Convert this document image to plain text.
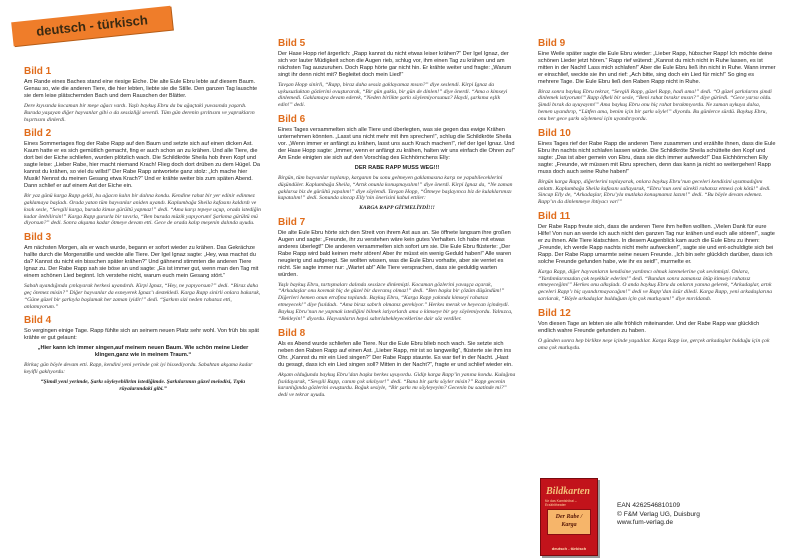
deutsch - türkisch
Bild 1

Am Rande eines Baches stand eine riesige Eiche. Die alte Eule Ebru lebte auf diesem Baum. Genau so, wie die anderen Tiere, die hier lebten, liebte sie die Stille. Den ganzen Tag lauschte sie dem leise plätschernden Bach und dem Rauschen der Blätter.

Dere kıyısında kocaman bir meşe ağacı vardı. Yaşlı baykuş Ebru da bu ağaçtaki yuvasında yaşardı. Burada yaşayan diğer hayvanlar gibi o da sessizliği severdi. Tüm gün derenin şırıltısını ve yaprakların hışırtısını dinlerdi.

Bild 2

Eines Sommertages flog der Rabe Rapp auf den Baum und setzte sich auf einen dicken Ast. Kaum hatte er es sich gemütlich gemacht, fing er auch schon an zu krähen. Und alle Tiere, die dort bei der Eiche schliefen, wurden plötzlich wach. Die Schildkröte Sheila hob ihren Kopf und sagte leise: „Lieber Rabe, hier macht niemand Krach! Flieg doch dort drüben zu dem Hügel. Da kannst du krähen, so viel du willst!“ Der Rabe Rapp antwortete ganz stolz: „Ich mache hier Musik! Nennst du meinen Gesang etwa Krach?“ Und er krähte weiter bis zum späten Abend. Dann schlief er auf einem Ast der Eiche ein.

Bir yaz günü karga Rapp geldi, bu ağacın kalın bir dalına kondu. Kendine rahat bir yer edinir edinmez gaklamaya başladı. Orada yatan tüm hayvanlar aniden uyandı. Kaplumbağa Sheila kafasını kaldırdı ve kısık sesle, “Sevgili karga, burada kimse gürültü yapmaz!” dedi. “Ama karşı tepeye uçup, orada istediğin kadar ötebilirsin!” Karga Rapp gururla bir tavırla, “Ben burada müzik yapıyorum! Şarkıma gürültü mü diyorsun?” dedi. Sonra akşama kadar ötmeye devam etti. Gece de orada kalıp meşenin dalında uyudu.

Bild 3

Am nächsten Morgen, als er wach wurde, begann er sofort wieder zu krähen. Das Gekrächze hallte durch die Morgenstille und weckte alle Tiere. Der Igel Ignaz sagte: „Hey, was machst du da? Kannst du nicht ein bisschen später krähen?“ Und gähnend stimmten die anderen Tiere Ignaz zu. Der Rabe Rapp sah sie böse an und sagte: „Es ist immer gut, wenn man den Tag mit einem schönen Lied beginnt. Ich verstehe nicht, warum euch mein Gesang stört.“

Sabah uyandığında çınlayarak herkesi uyandırdı. Kirpi Ignaz, “Hey, ne yapıyorsun?” dedi. “Biraz daha geç ötemez misin?” Diğer hayvanlar da esneyerek Ignaz’ı destekledi. Karga Rapp sinirli onlara bakarak, “Güne güzel bir şarkıyla başlamak her zaman iyidir!” dedi. “Şarkım sizi neden rahatsız etti, anlamıyorum.”

Bild 4

So vergingen einige Tage. Rapp fühlte sich an seinem neuen Platz sehr wohl. Von früh bis spät krähte er gut gelaunt:

„Hier kann ich immer singen,auf meinem neuen Baum. Wie schön meine Lieder klingen,ganz wie in meinem Traum.“

Birkaç gün böyle devam etti. Rapp, kendini yeni yerinde çok iyi hissediyordu. Sabahtan akşama kadar keyifli gaklıyordu:

“Şimdi yeni yerimde, Şarkı söyleyebilirim istediğimde. Şarkılarımın güzel melodisi, Tıpkı rüyalarımdaki gibi.”

Bild 5

Der Hase Hopp rief ärgerlich: „Rapp kannst du nicht etwas leiser krähen?“ Der Igel Ignaz, der sich vor lauter Müdigkeit schon die Augen rieb, schlug vor, ihm einen Tag zu krähen und am nächsten Tag auszuruhen. Doch Rapp hörte gar nicht hin. Er krähte weiter und fragte: „Warum singt ihr denn nicht mit? Begleitet doch mein Lied!“

Tavşan Hopp sinirli, “Rapp, biraz daha sessiz gaklayamaz mısın?” diye seslendi. Kirpi Ignaz da uykusuzluktan gözlerini ovuşturarak, “Bir gün gakla, bir gün de dinlen!” diye önerdi. “Ama o kimseyi dinlemedi. Gaklamaya devam ederek, “Neden birlikte şarkı söylemiyorsunuz? Haydi, şarkıma eşlik edin!” dedi.

Bild 6

Eines Tages versammelten sich alle Tiere und überlegten, was sie gegen das ewige Krähen unternehmen könnten. „Lasst uns nicht mehr mit ihm sprechen!“, schlug die Schildkröte Sheila vor. „Wenn immer er anfängt zu krähen, lasst uns auch Krach machen!“, rief der Igel Ignaz. Und der Hase Hopp sagte: „Immer, wenn er anfängt zu krähen, halten wir uns einfach die Ohren zu!“ Am Ende einigten sie sich auf den Vorschlag des Eichhörnchens Elly:

DER RABE RAPP MUSS WEG!!!

Birgün, tüm hayvanlar toplanıp, karganın bu sonu gelmeyen gaklamasına karşı ne yapabileceklerini düşündüler. Kaplumbağa Sheila, “Artık onunla konuşmayalım!” diye önerdi. Kirpi Ignaz da, “Ne zaman gaklarsa biz de gürültü yapalım!” diye söylendi. Tavşan Hopp, “Ötmeye başlayınca biz de kulaklarımızı kapatalım!” dedi. Sonunda sincap Elly’nin önerisini kabul ettiler:

KARGA RAPP GİTMELİYDİ!!!

Bild 7

Die alte Eule Ebru hörte sich den Streit von ihrem Ast aus an. Sie öffnete langsam ihre großen Augen und sagte: „Freunde, ihr zu verstehen wäre kein gutes Verhalten. Ich habe mit etwas anderes überlegt!“ Die anderen versammelten sich sofort um sie. Die Eule Ebru flüsterte: „Der Rabe Rapp wird bald keinen mehr stören! Aber ihr müsst ein wenig Geduld haben!“ Alle waren neugierig und aufgeregt. Sie wollten wissen, was die Eule Ebru vorhatte, aber sie verriet es nicht. Sie sagte immer nur: „Wartet ab!“ Alle Tiere versprachen, dass sie geduldig warten würden.

Yaşlı baykuş Ebru, tartışmaları dalında sessizce dinlemişti. Kocaman gözlerini yavaşça açarak, “Arkadaşlar onu kovmak hiç de güzel bir davranış olmaz!” dedi. “Ben başka bir çözüm düşündüm!” Diğerleri hemen onun etrafına toplandı. Baykuş Ebru, “Karga Rapp yakında kimseyi rahatsız etmeyecek!” diye fısıldadı. “Ama biraz sabırlı olmanız gerekiyor.” Herkes merak ve heyecan içindeydi. Baykuş Ebru’nun ne yapmak istediğini bilmek istiyorlardı ama o kimseye bir şey söylemiyordu. Yalnızca, “Bekleyin!” diyordu. Hayvanların hepsi sabırlabekleyeceklerine dair söz verdiler.

Bild 8

Als es Abend wurde schliefen alle Tiere. Nur die Eule Ebru blieb noch wach. Sie setzte sich neben den Raben Rapp auf einen Ast. „Lieber Rapp, mir ist so langweilig“, flüsterte sie ihm ins Ohr. „Kannst du mir ein Lied singen?“ Der Rabe Rapp staunte. Es war tief in der Nacht. „Hast du gesagt, dass ich ein Lied singen soll? Mitten in der Nacht?“, fragte er und schlief wieder ein.

Akşam olduğunda baykuş Ebru’dan başka herkes uyuyordu. Gidip karga Rapp’in yanına kondu. Kulağına fısıldayarak, “Sevgili Rapp, canım çok sıkılıyor!” dedi. “Bana bir şarkı söyler misin?” Rapp gecenin karanlığında gözlerini ovuşturdu. Boğuk sesiyle, “Bir şarkı mı söyleyeyim? Gecenin bu saatinde mi?” dedi ve tekrar uyudu.

Bild 9

Eine Weile später sagte die Eule Ebru wieder: „Lieber Rapp, hübscher Rapp! Ich möchte deine schönen Lieder jetzt hören.“ Rapp rief wütend: „Kannst du mich nicht in Ruhe lassen, es ist mitten in der Nacht! Lass mich schlafen!“ Aber die Eule Ebru ließ ihn nicht in Ruhe. Wann immer er einschlief, weckte sie ihn und rief: „Ach bitte, sing doch ein Lied für mich!“ So ging es mehrere Tage. Die Eule Ebru ließ den Raben Rapp nicht in Ruhe.

Biraz sonra baykuş Ebru tekrar, “Sevgili Rapp, güzel Rapp, hadi ama!” dedi. “O güzel şarkılarını şimdi dinlemek istiyorum!” Rapp öfkeli bir sesle, “Beni rahat bırakır mısın?” diye gürledi. “Gece yarısı oldu. Şimdi bırak da uyuyayım!” Ama baykuş Ebru onu hiç rahat bırakmıyordu. Ne zaman uykuya dalsa, hemen uyandırıp, “Lütfen ama, benim için bir şarkı söyle!” diyordu. Bu günlerce sürdü. Baykuş Ebru, onu her gece şarkı söylemesi için uyandırıyordu.

Bild 10

Eines Tages rief der Rabe Rapp die anderen Tiere zusammen und erzählte ihnen, dass die Eule Ebru ihn nachts nicht schlafen lassen würde. Die Schildkröte Sheila schüttelte den Kopf und sagte: „Das ist aber gemein von Ebru, dass sie dich immer aufweckt!“ Das Eichhörnchen Elly sagte: „Freunde, wir müssen mit Ebru sprechen, denn das kann ja nicht so weitergehen! Rapp muss doch auch seine Ruhe haben!“

Birgün karga Rapp, diğerlerini toplayarak, onlara baykuş Ebru’nun geceleri kendisini uyutmadığını anlattı. Kaplumbağa Sheila kafasını sallayarak, “Ebru’nun seni sürekli rahatsız etmesi çok kötü!” dedi. Sincap Elly de, “Arkadaşlar, Ebru’yla mutlaka konuşmamız lazım!” dedi. “Bu böyle devam edemez. Rapp’ın da dinlenmeye ihtiyacı var!”

Bild 11

Der Rabe Rapp freute sich, dass die anderen Tiere ihm helfen wollten. „Vielen Dank für eure Hilfe! Von nun an werde ich auch nicht den ganzen Tag nur krähen und euch alle stören!“, sagte er zu ihnen. Alle Tiere klatschten. In diesem Augenblick kam auch die Eule Ebru zu ihnen: „Freunde, ich werde Rapp nachts nicht mehr aufwecken!“, sagte sie und ent-schuldigte sich bei Rapp. Der Rabe Rapp umarmte seine neuen Freunde. „Ich bin sehr glücklich darüber, dass ich solche Freunde gefunden habe, wie ihr es seid!“, murmelte er.

Karga Rapp, diğer hayvanların kendisine yardımcı olmak istemelerine çok sevinmişti. Onlara, “Yardımlarınızdan çok teşekkür ederim!” dedi. “Bundan sonra zamansız ötüp kimseyi rahatsız etmeyeceğim!” Herkes onu alkışladı. O anda baykuş Ebru da onların yanına gelerek, “Arkadaşlar, artık geceleri Rapp’ı hiç uyandırmayacağım!” dedi ve Rapp’dan özür diledi. Karga Rapp, yeni arkadaşlarına sarılarak, “Böyle arkadaşlar bulduğum için çok mutluyum!” diye mırıldandı.

Bild 12

Von diesen Tage an lebten sie alle fröhlich miteinander. Und der Rabe Rapp war glücklich endlich wahre Freunde gefunden zu haben.

O günden sonra hep birlikte neşe içinde yaşadılar. Karga Rapp ise, gerçek arkadaşlar bulduğu için çok ama çok mutluydu.

Bildkarten
für das Kamishibai – Erzähltheater
Der Rabe / Karga
deutsch - türkisch
EAN 4262546810109
© F&M Verlag UG, Duisburg
www.fum-verlag.de
